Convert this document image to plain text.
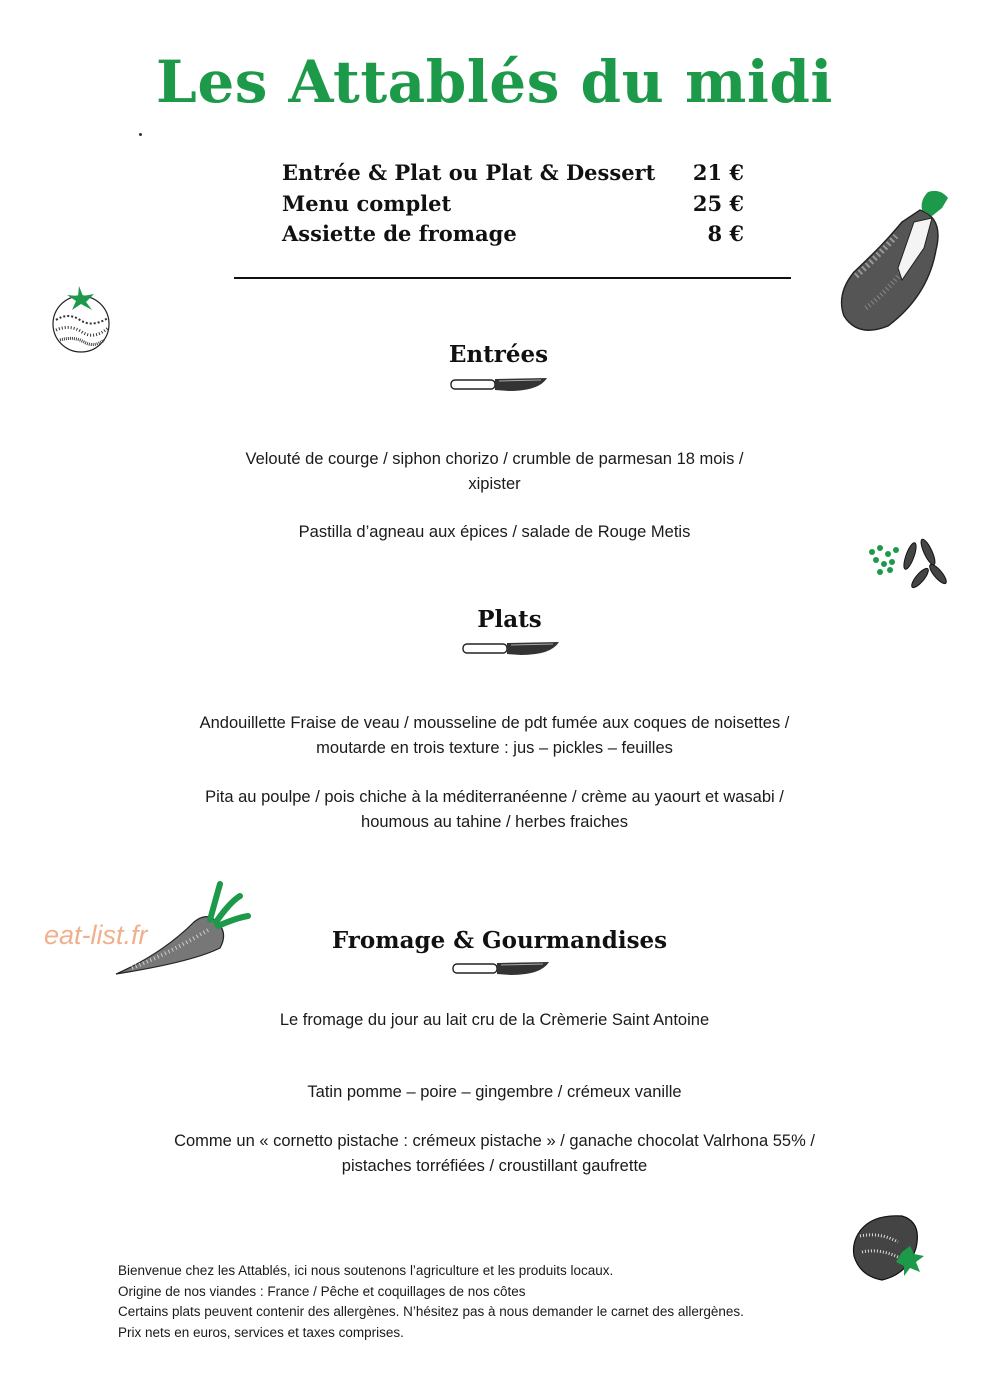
Les Attablés du midi
Entrée & Plat ou Plat & Dessert 21 €
Menu complet	25 €
Assiette de fromage	8 €
Entrées
Velouté de courge / siphon chorizo / crumble de parmesan 18 mois /
xipister
Pastilla d’agneau aux épices / salade de Rouge Metis
Plats
Andouillette Fraise de veau / mousseline de pdt fumée aux coques de noisettes /
moutarde en trois texture : jus – pickles – feuilles
Pita au poulpe / pois chiche à la méditerranéenne / crème au yaourt et wasabi /
houmous au tahine / herbes fraiches
Fromage & Gourmandises
Le fromage du jour au lait cru de la Crèmerie Saint Antoine
Tatin pomme – poire – gingembre / crémeux vanille
Comme un « cornetto pistache : crémeux pistache » / ganache chocolat Valrhona 55% /
pistaches torréfiées / croustillant gaufrette
eat-list.fr
Bienvenue chez les Attablés, ici nous soutenons l’agriculture et les produits locaux.
Origine de nos viandes : France / Pêche et coquillages de nos côtes
Certains plats peuvent contenir des allergènes. N’hésitez pas à nous demander le carnet des allergènes.
Prix nets en euros, services et taxes comprises.
